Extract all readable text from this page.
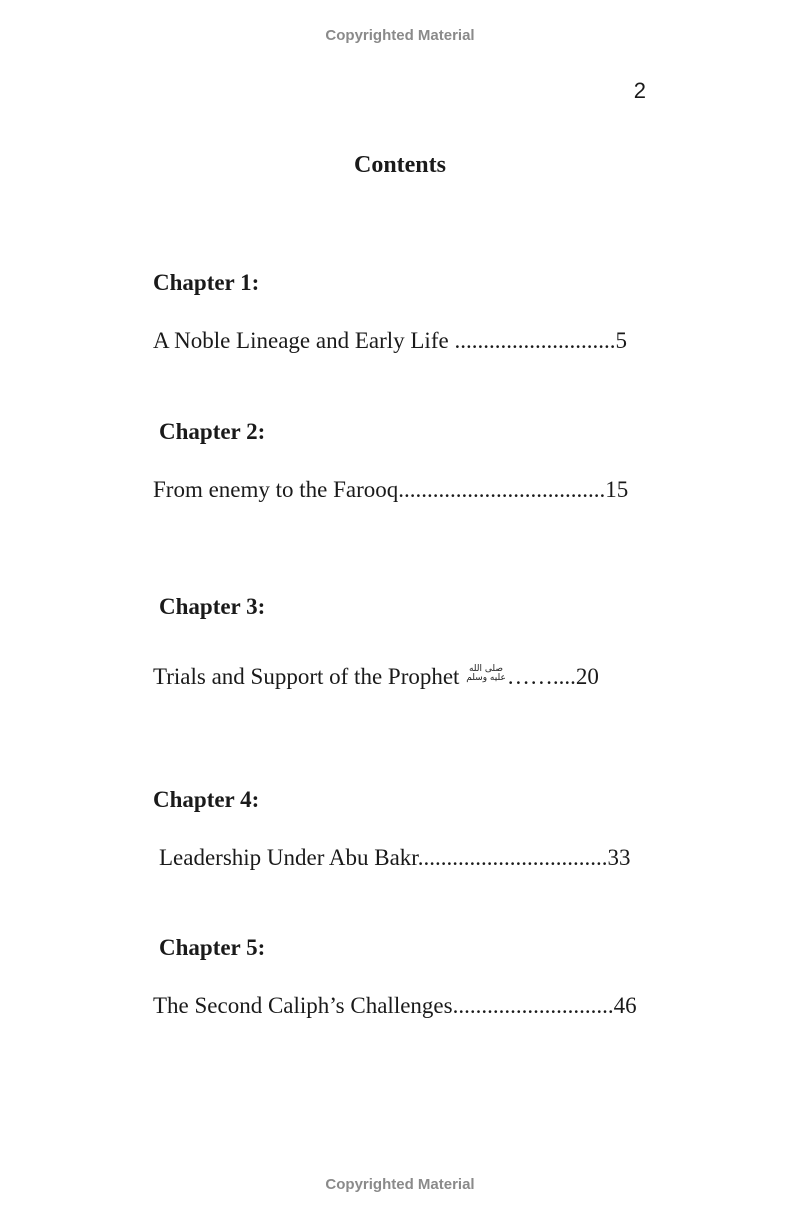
Copyrighted Material
2
Contents
Chapter 1:
A Noble Lineage and Early Life ............................5
Chapter 2:
From enemy to the Farooq....................................15
Chapter 3:
Trials and Support of the Prophet صلى الله
عليه وسلم ……....20
Chapter 4:
Leadership Under Abu Bakr.................................33
Chapter 5:
The Second Caliph’s Challenges............................46
Copyrighted Material
